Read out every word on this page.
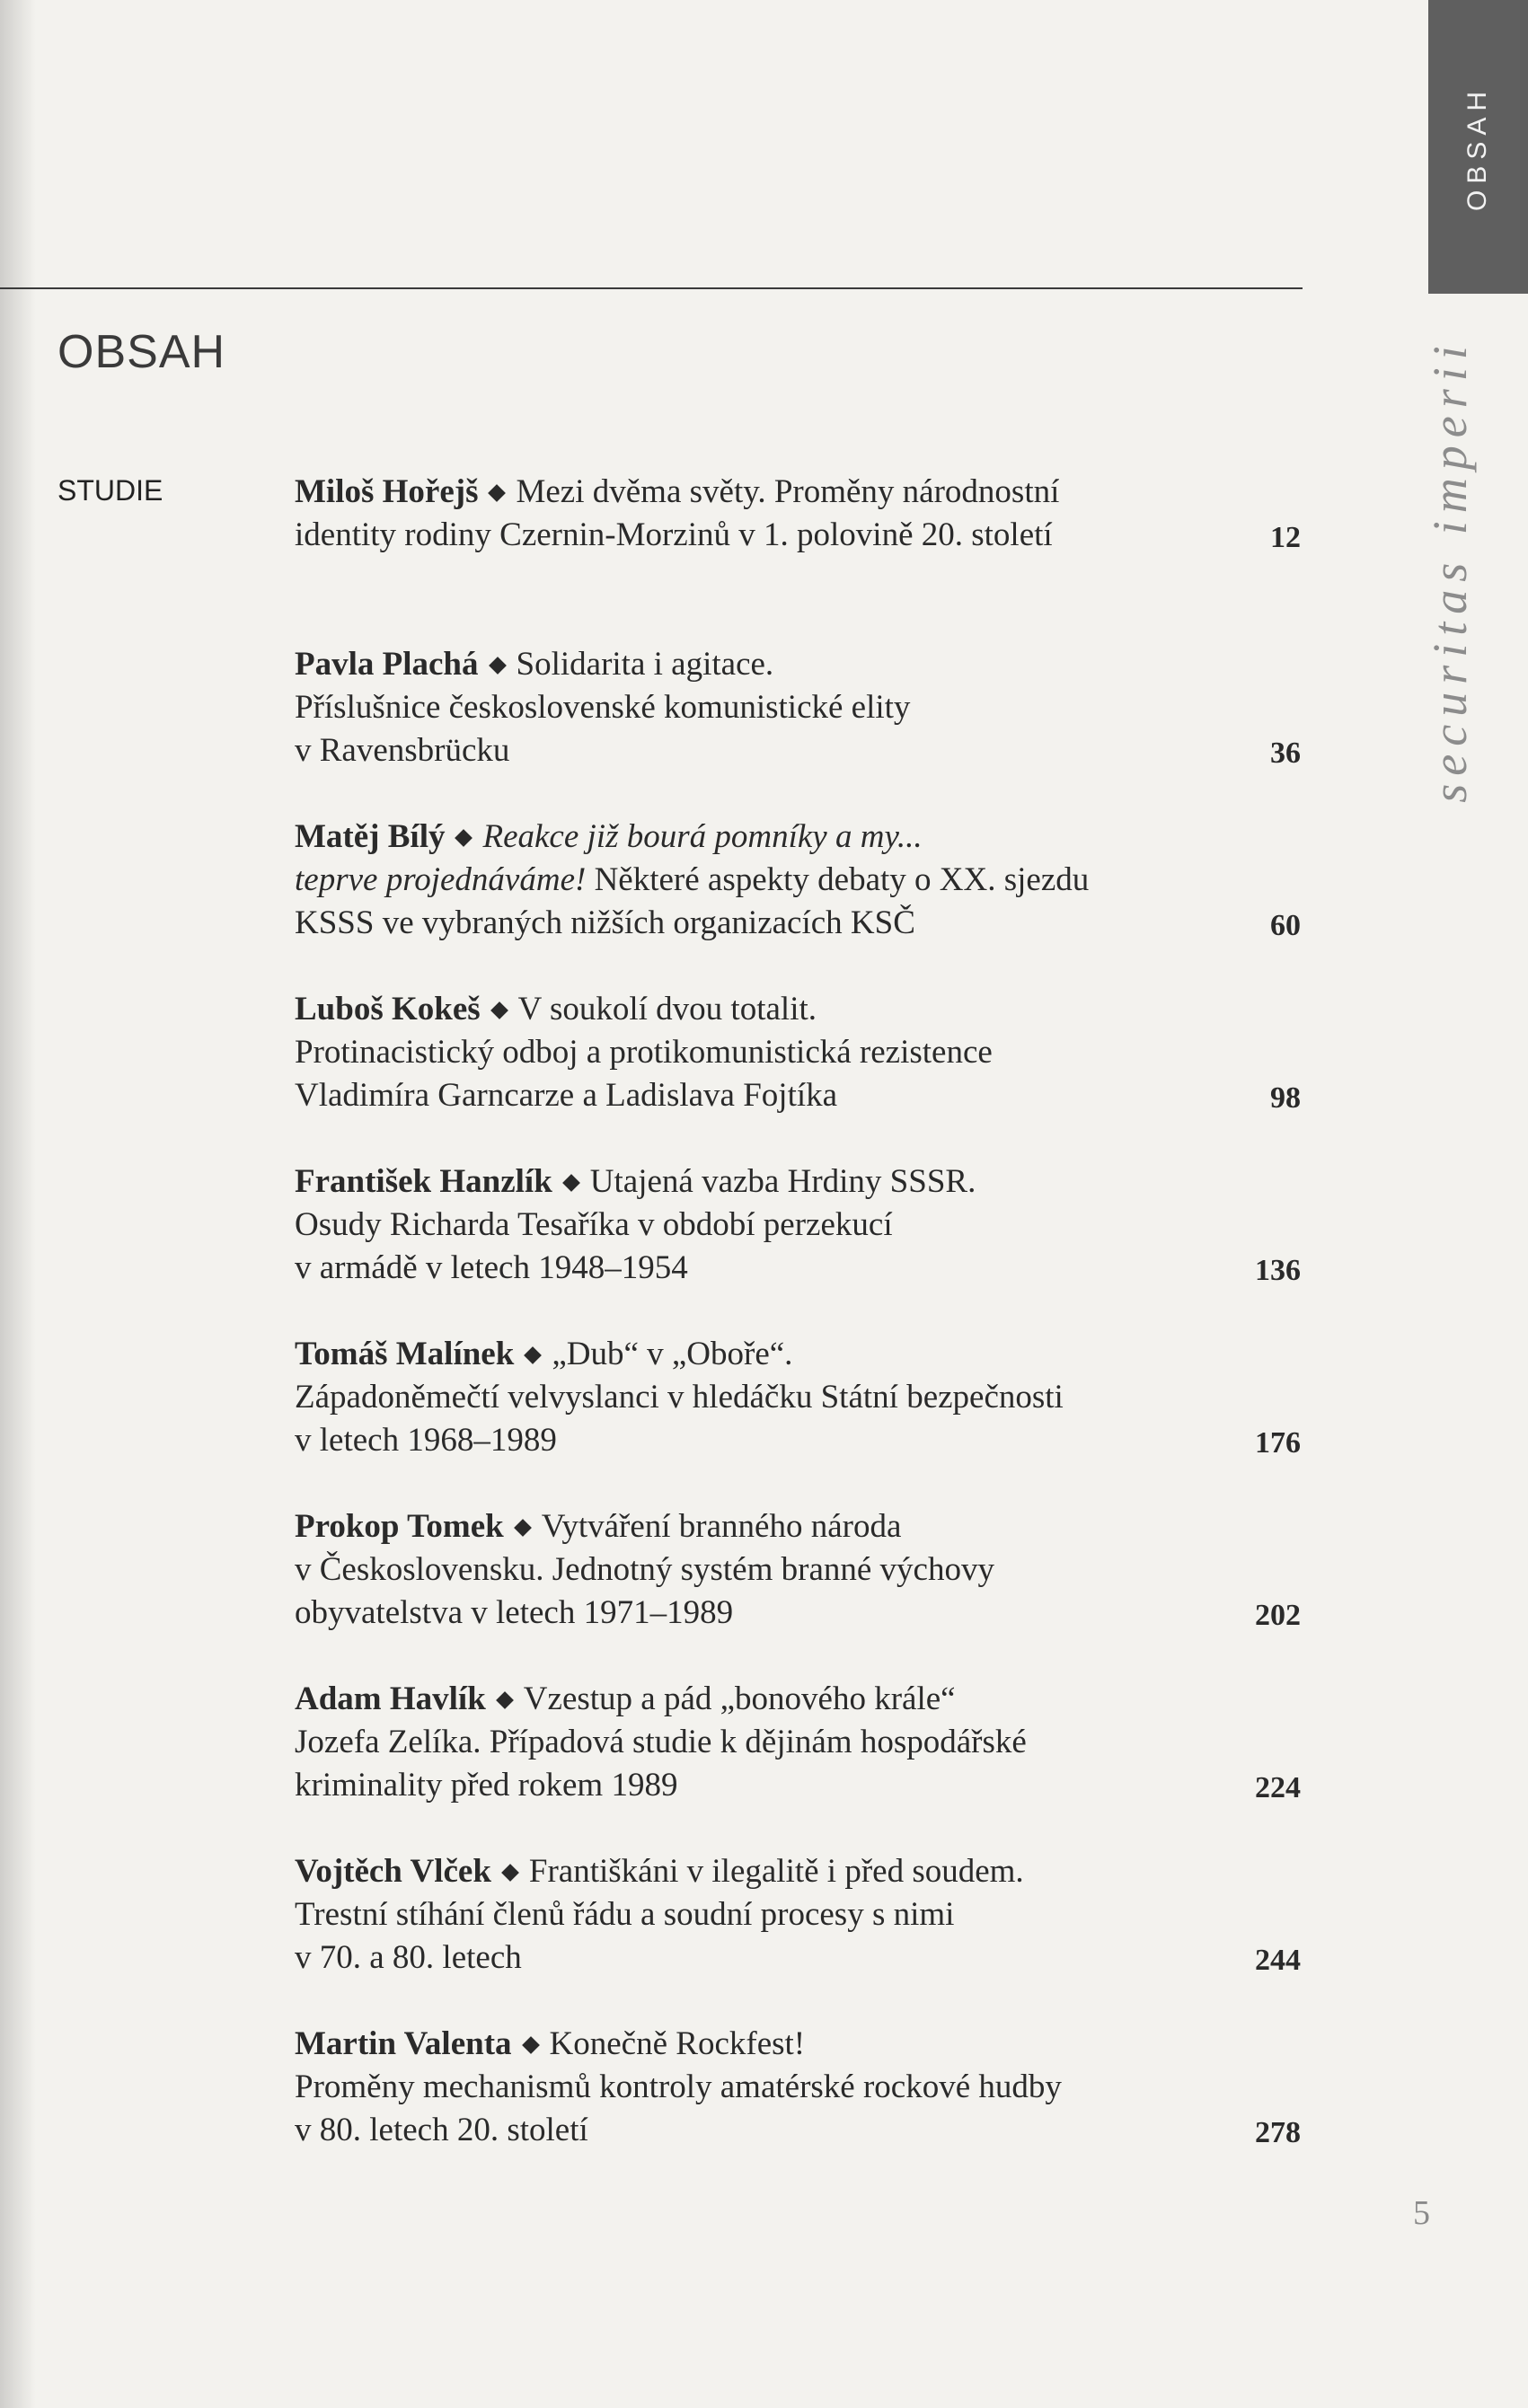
OBSAH
securitas imperii
OBSAH
STUDIE	Miloš Hořejš Mezi dvěma světy. Proměny národnostní
identity rodiny Czernin-Morzinů v 1. polovině 20. století	12
Pavla Plachá Solidarita i agitace.
Příslušnice československé komunistické elity
v Ravensbrücku	36
Matěj Bílý Reakce již bourá pomníky a my...
teprve projednáváme! Některé aspekty debaty o XX. sjezdu
KSSS ve vybraných nižších organizacích KSČ	60
Luboš Kokeš V soukolí dvou totalit.
Protinacistický odboj a protikomunistická rezistence
Vladimíra Garncarze a Ladislava Fojtíka	98
František Hanzlík Utajená vazba Hrdiny SSSR.
Osudy Richarda Tesaříka v období perzekucí
v armádě v letech 1948–1954	136
Tomáš Malínek „Dub“ v „Oboře“.
Západoněmečtí velvyslanci v hledáčku Státní bezpečnosti
v letech 1968–1989	176
Prokop Tomek Vytváření branného národa
v Československu. Jednotný systém branné výchovy
obyvatelstva v letech 1971–1989	202
Adam Havlík Vzestup a pád „bonového krále“
Jozefa Zelíka. Případová studie k dějinám hospodářské
kriminality před rokem 1989	224
Vojtěch Vlček Františkáni v ilegalitě i před soudem.
Trestní stíhání členů řádu a soudní procesy s nimi
v 70. a 80. letech	244
Martin Valenta Konečně Rockfest!
Proměny mechanismů kontroly amatérské rockové hudby
v 80. letech 20. století	278
5
